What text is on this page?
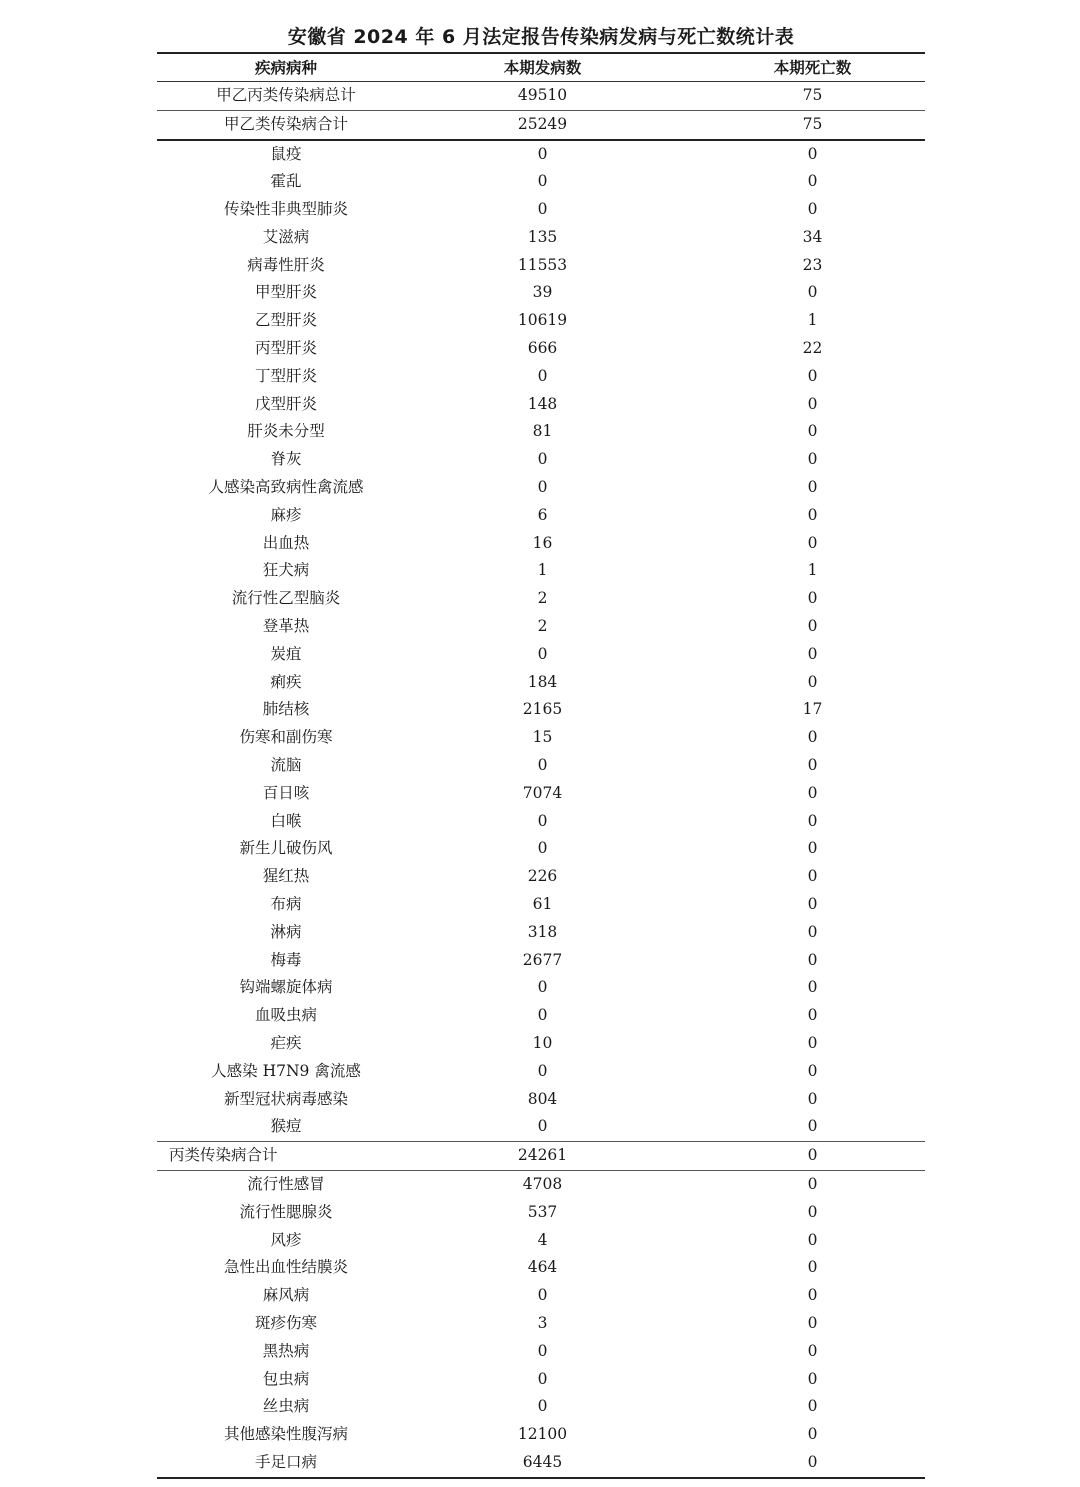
安徽省 2024 年 6 月法定报告传染病发病与死亡数统计表
疾病病种	本期发病数	本期死亡数
甲乙丙类传染病总计	49510	75
甲乙类传染病合计	25249	75
鼠疫	0	0
霍乱	0	0
传染性非典型肺炎	0	0
艾滋病	135	34
病毒性肝炎	11553	23
甲型肝炎	39	0
乙型肝炎	10619	1
丙型肝炎	666	22
丁型肝炎	0	0
戊型肝炎	148	0
肝炎未分型	81	0
脊灰	0	0
人感染高致病性禽流感	0	0
麻疹	6	0
出血热	16	0
狂犬病	1	1
流行性乙型脑炎	2	0
登革热	2	0
炭疽	0	0
痢疾	184	0
肺结核	2165	17
伤寒和副伤寒	15	0
流脑	0	0
百日咳	7074	0
白喉	0	0
新生儿破伤风	0	0
猩红热	226	0
布病	61	0
淋病	318	0
梅毒	2677	0
钩端螺旋体病	0	0
血吸虫病	0	0
疟疾	10	0
人感染 H7N9 禽流感	0	0
新型冠状病毒感染	804	0
猴痘	0	0
丙类传染病合计	24261	0
流行性感冒	4708	0
流行性腮腺炎	537	0
风疹	4	0
急性出血性结膜炎	464	0
麻风病	0	0
斑疹伤寒	3	0
黑热病	0	0
包虫病	0	0
丝虫病	0	0
其他感染性腹泻病	12100	0
手足口病	6445	0
